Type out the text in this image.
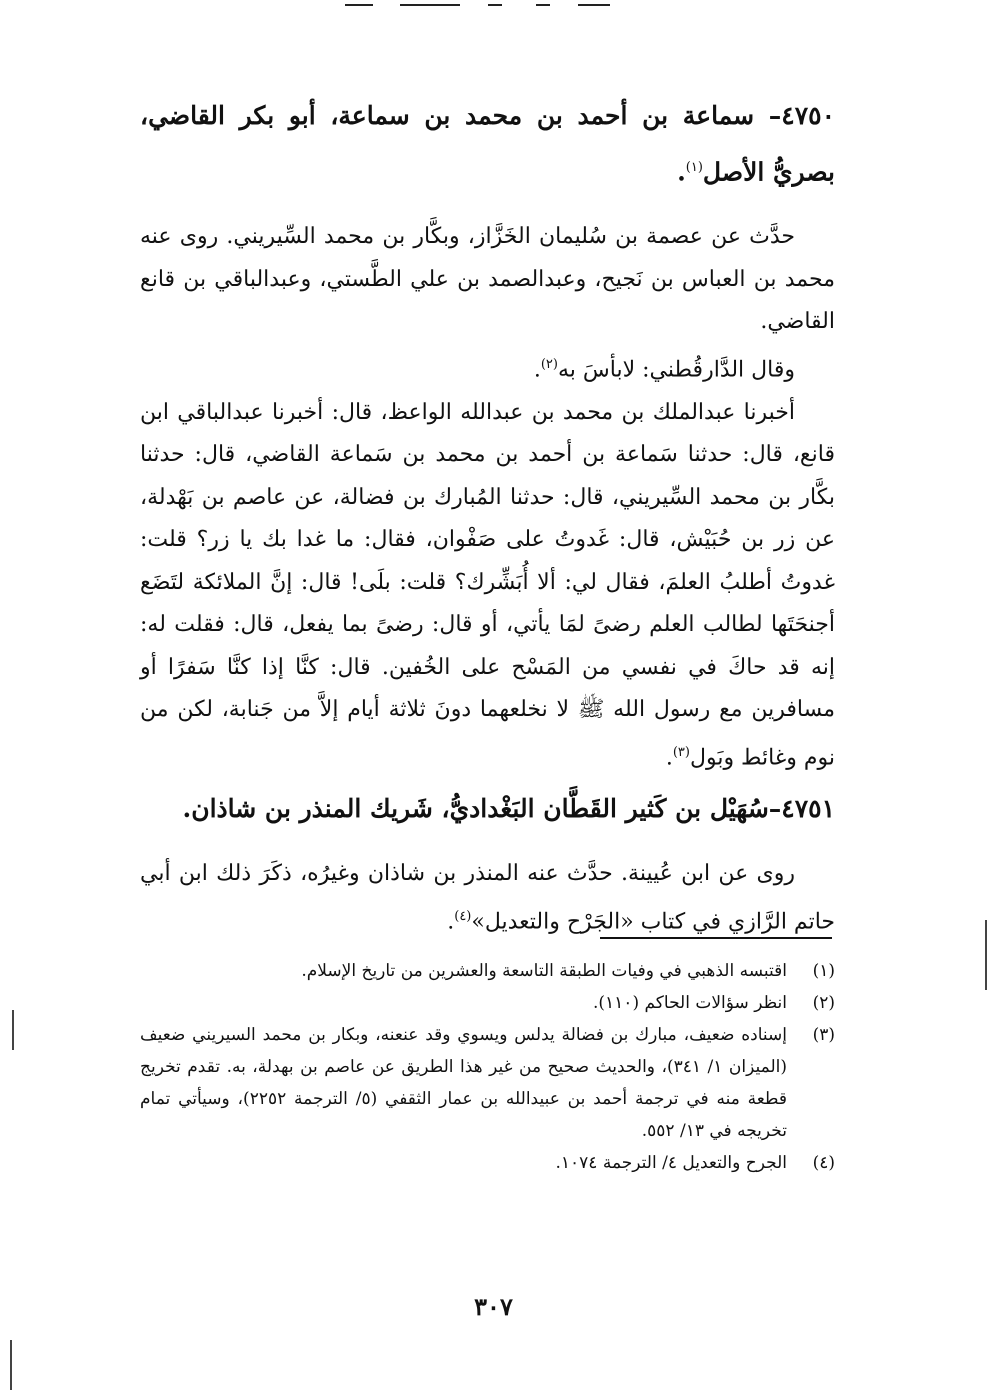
٤٧٥٠– سماعة بن أحمد بن محمد بن سماعة، أبو بكر القاضي، بصريُّ الأصل$^{(١)}$.

حدَّث عن عصمة بن سُليمان الخَزَّاز، وبكَّار بن محمد السِّيريني. روى عنه محمد بن العباس بن نَجيح، وعبدالصمد بن علي الطَّستي، وعبدالباقي بن قانع القاضي.

وقال الدَّارقُطني: لابأسَ به$^{(٢)}$.

أخبرنا عبدالملك بن محمد بن عبدالله الواعظ، قال: أخبرنا عبدالباقي ابن قانع، قال: حدثنا سَماعة بن أحمد بن محمد بن سَماعة القاضي، قال: حدثنا بكَّار بن محمد السِّيريني، قال: حدثنا المُبارك بن فضالة، عن عاصم بن بَهْدلة، عن زر بن حُبَيْش، قال: غَدوتُ على صَفْوان، فقال: ما غدا بك يا زر؟ قلت: غدوتُ أطلبُ العلمَ، فقال لي: ألا أُبَشِّرك؟ قلت: بلَى! قال: إنَّ الملائكة لتَضَع أجنحَتَها لطالب العلم رضىً لمَا يأتي، أو قال: رضىً بما يفعل، قال: فقلت له: إنه قد حاكَ في نفسي من المَسْح على الخُفين. قال: كنَّا إذا كنَّا سَفرًا أو مسافرين مع رسول الله ﷺ لا نخلعهما دونَ ثلاثة أيام إلاَّ من جَنابة، لكن من نوم وغائط وبَول$^{(٣)}$.

٤٧٥١–سُهَيْل بن كَثير القَطَّان البَغْداديُّ، شَريك المنذر بن شاذان.

روى عن ابن عُيينة. حدَّث عنه المنذر بن شاذان وغيرُه، ذكَرَ ذلك ابن أبي حاتم الرَّازي في كتاب «الجَرْح والتعديل»$^{(٤)}$.

(١)
اقتبسه الذهبي في وفيات الطبقة التاسعة والعشرين من تاريخ الإسلام.

(٢)
انظر سؤالات الحاكم (١١٠).

(٣)
إسناده ضعيف، مبارك بن فضالة يدلس ويسوي وقد عنعنه، وبكار بن محمد السيريني ضعيف (الميزان ١/ ٣٤١)، والحديث صحيح من غير هذا الطريق عن عاصم بن بهدلة، به. تقدم تخريج قطعة منه في ترجمة أحمد بن عبيدالله بن عمار الثقفي (٥/ الترجمة ٢٢٥٢)، وسيأتي تمام تخريجه في ١٣/ ٥٥٢.

(٤)
الجرح والتعديل ٤/ الترجمة ١٠٧٤.

٣٠٧
